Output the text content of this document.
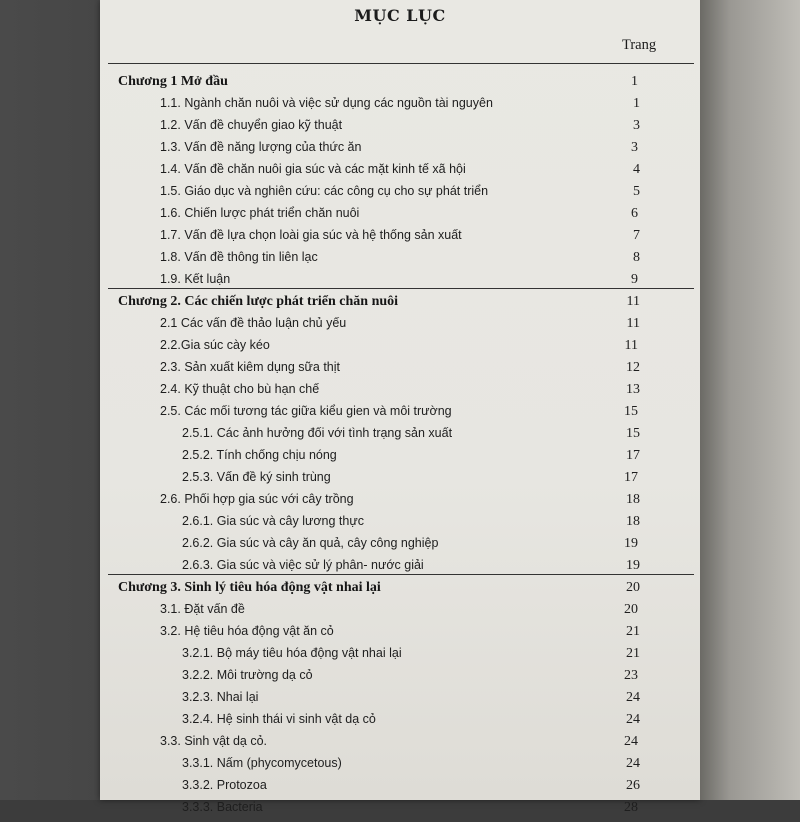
MỤC LỤC
Trang
Chương 1 Mở đầu	1
1.1. Ngành chăn nuôi và việc sử dụng các nguồn tài nguyên	1
1.2. Vấn đề chuyển giao kỹ thuật	3
1.3. Vấn đề năng lượng của thức ăn	3
1.4. Vấn đề chăn nuôi gia súc và các mặt kinh tế xã hội	4
1.5. Giáo dục và nghiên cứu: các công cụ cho sự phát triển	5
1.6. Chiến lược phát triển chăn nuôi	6
1.7. Vấn đề lựa chọn loài gia súc và hệ thống sản xuất	7
1.8. Vấn đề thông tin liên lạc	8
1.9. Kết luận	9
Chương 2. Các chiến lược phát triển chăn nuôi	11
2.1 Các vấn đề thảo luận chủ yếu	11
2.2.Gia súc cày kéo	11
2.3. Sản xuất kiêm dụng sữa thịt	12
2.4. Kỹ thuật cho bù hạn chế	13
2.5. Các mối tương tác giữa kiểu gien và môi trường	15
2.5.1. Các ảnh hưởng đối với tình trạng sản xuất	15
2.5.2. Tính chống chịu nóng	17
2.5.3. Vấn đề ký sinh trùng	17
2.6. Phối hợp gia súc với cây trồng	18
2.6.1. Gia súc và cây lương thực	18
2.6.2. Gia súc và cây ăn quả, cây công nghiệp	19
2.6.3. Gia súc và việc sử lý phân- nước giải	19
Chương 3. Sinh lý tiêu hóa động vật nhai lại	20
3.1. Đặt vấn đề	20
3.2. Hệ tiêu hóa động vật ăn cỏ	21
3.2.1. Bộ máy tiêu hóa động vật nhai lại	21
3.2.2. Môi trường dạ cỏ	23
3.2.3. Nhai lại	24
3.2.4. Hệ sinh thái vi sinh vật dạ cỏ	24
3.3. Sinh vật dạ cỏ.	24
3.3.1. Nấm (phycomycetous)	24
3.3.2. Protozoa	26
3.3.3. Bacteria	28
